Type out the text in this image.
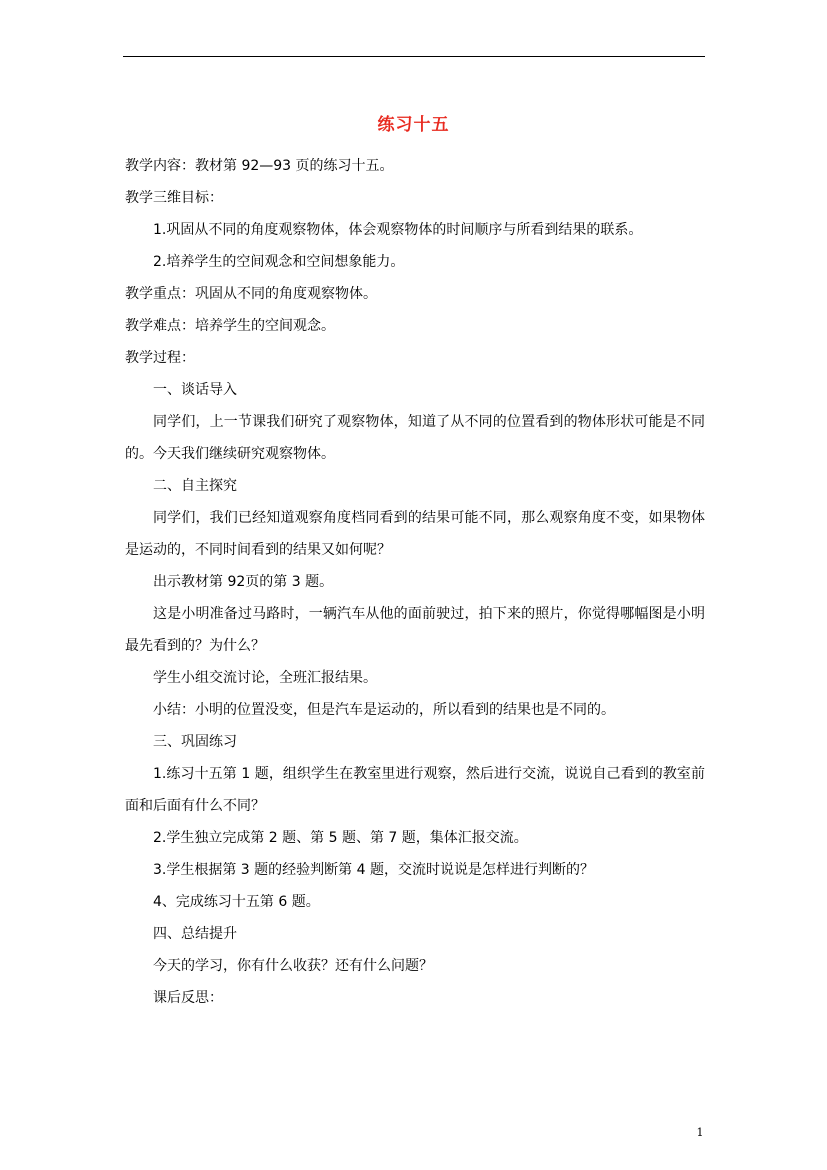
练习十五

教学内容：教材第 92—93 页的练习十五。

教学三维目标：

1.巩固从不同的角度观察物体，体会观察物体的时间顺序与所看到结果的联系。

2.培养学生的空间观念和空间想象能力。

教学重点：巩固从不同的角度观察物体。

教学难点：培养学生的空间观念。

教学过程：

一、谈话导入

同学们，上一节课我们研究了观察物体，知道了从不同的位置看到的物体形状可能是不同的。今天我们继续研究观察物体。

二、自主探究

同学们，我们已经知道观察角度档同看到的结果可能不同，那么观察角度不变，如果物体是运动的，不同时间看到的结果又如何呢？

出示教材第 92页的第 3 题。

这是小明准备过马路时，一辆汽车从他的面前驶过，拍下来的照片，你觉得哪幅图是小明最先看到的？为什么？

学生小组交流讨论，全班汇报结果。

小结：小明的位置没变，但是汽车是运动的，所以看到的结果也是不同的。

三、巩固练习

1.练习十五第 1 题，组织学生在教室里进行观察，然后进行交流，说说自己看到的教室前面和后面有什么不同？

2.学生独立完成第 2 题、第 5 题、第 7 题，集体汇报交流。

3.学生根据第 3 题的经验判断第 4 题，交流时说说是怎样进行判断的？

4、完成练习十五第 6 题。

四、总结提升

今天的学习，你有什么收获？还有什么问题？

课后反思：

1
